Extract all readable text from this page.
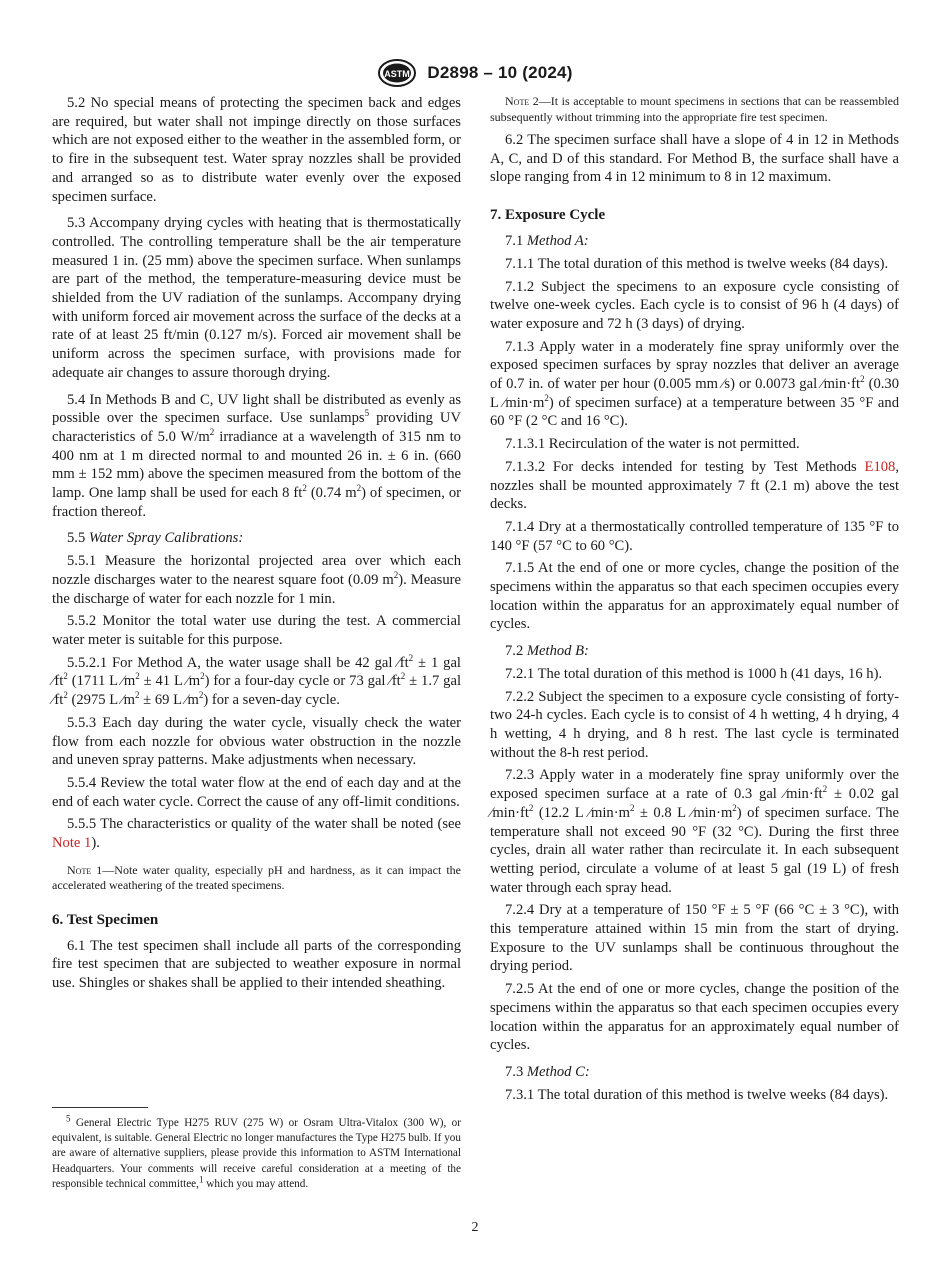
ASTM D2898 – 10 (2024)

5.2 No special means of protecting the specimen back and edges are required, but water shall not impinge directly on those surfaces which are not exposed either to the weather in the assembled form, or to fire in the subsequent test. Water spray nozzles shall be provided and arranged so as to distribute water evenly over the exposed specimen surface.

5.3 Accompany drying cycles with heating that is thermostatically controlled. The controlling temperature shall be the air temperature measured 1 in. (25 mm) above the specimen surface. When sunlamps are part of the method, the temperature-measuring device must be shielded from the UV radiation of the sunlamps. Accompany drying with uniform forced air movement across the surface of the decks at a rate of at least 25 ft/min (0.127 m/s). Forced air movement shall be uniform across the specimen surface, with provisions made for adequate air changes to assure thorough drying.

5.4 In Methods B and C, UV light shall be distributed as evenly as possible over the specimen surface. Use sunlamps$^5$ providing UV characteristics of 5.0 $W/m^2$ irradiance at a wavelength of 315 nm to 400 nm at 1 m directed normal to and mounted 26 in. ± 6 in. (660 mm ± 152 mm) above the specimen measured from the bottom of the lamp. One lamp shall be used for each 8 $ft^2$ (0.74 $m^2$) of specimen, or fraction thereof.

5.5 Water Spray Calibrations:

5.5.1 Measure the horizontal projected area over which each nozzle discharges water to the nearest square foot (0.09 $m^2$). Measure the discharge of water for each nozzle for 1 min.

5.5.2 Monitor the total water use during the test. A commercial water meter is suitable for this purpose.

5.5.2.1 For Method A, the water usage shall be 42 gal $⁄ft^2 \pm 1$ gal $⁄ft^2$ (1711 L $⁄m^2 \pm 41$ L $⁄m^2$) for a four-day cycle or 73 gal $⁄ft^2 \pm 1.7$ gal $⁄ft^2$ (2975 L $⁄m^2 \pm 69$ L $⁄m^2$) for a seven-day cycle.

5.5.3 Each day during the water cycle, visually check the water flow from each nozzle for obvious water obstruction in the nozzle and uneven spray patterns. Make adjustments when necessary.

5.5.4 Review the total water flow at the end of each day and at the end of each water cycle. Correct the cause of any off-limit conditions.

5.5.5 The characteristics or quality of the water shall be noted (see Note 1).

Note 1—Note water quality, especially pH and hardness, as it can impact the accelerated weathering of the treated specimens.

6. Test Specimen

6.1 The test specimen shall include all parts of the corresponding fire test specimen that are subjected to weather exposure in normal use. Shingles or shakes shall be applied to their intended sheathing.

$^5$ General Electric Type H275 RUV (275 W) or Osram Ultra-Vitalox (300 W), or equivalent, is suitable. General Electric no longer manufactures the Type H275 bulb. If you are aware of alternative suppliers, please provide this information to ASTM International Headquarters. Your comments will receive careful consideration at a meeting of the responsible technical committee,$^1$ which you may attend.

Note 2—It is acceptable to mount specimens in sections that can be reassembled subsequently without trimming into the appropriate fire test specimen.

6.2 The specimen surface shall have a slope of 4 in 12 in Methods A, C, and D of this standard. For Method B, the surface shall have a slope ranging from 4 in 12 minimum to 8 in 12 maximum.

7. Exposure Cycle

7.1 Method A:

7.1.1 The total duration of this method is twelve weeks (84 days).

7.1.2 Subject the specimens to an exposure cycle consisting of twelve one-week cycles. Each cycle is to consist of 96 h (4 days) of water exposure and 72 h (3 days) of drying.

7.1.3 Apply water in a moderately fine spray uniformly over the exposed specimen surfaces by spray nozzles that deliver an average of 0.7 in. of water per hour (0.005 mm ⁄s) or 0.0073 gal $⁄\min\cdot ft^2$ (0.30 L $⁄\min\cdot m^2$) of specimen surface) at a temperature between 35 °F and 60 °F (2 °C and 16 °C).

7.1.3.1 Recirculation of the water is not permitted.

7.1.3.2 For decks intended for testing by Test Methods E108, nozzles shall be mounted approximately 7 ft (2.1 m) above the test decks.

7.1.4 Dry at a thermostatically controlled temperature of 135 °F to 140 °F (57 °C to 60 °C).

7.1.5 At the end of one or more cycles, change the position of the specimens within the apparatus so that each specimen occupies every location within the apparatus for an approximately equal number of cycles.

7.2 Method B:

7.2.1 The total duration of this method is 1000 h (41 days, 16 h).

7.2.2 Subject the specimen to a exposure cycle consisting of forty-two 24-h cycles. Each cycle is to consist of 4 h wetting, 4 h drying, 4 h wetting, 4 h drying, and 8 h rest. The last cycle is terminated without the 8-h rest period.

7.2.3 Apply water in a moderately fine spray uniformly over the exposed specimen surface at a rate of 0.3 gal $⁄\min\cdot ft^2 \pm 0.02$ gal $⁄\min\cdot ft^2$ (12.2 L $⁄\min\cdot m^2 \pm 0.8$ L $⁄\min\cdot m^2$) of specimen surface. The temperature shall not exceed 90 °F (32 °C). During the first three cycles, drain all water rather than recirculate it. In each subsequent wetting period, circulate a volume of at least 5 gal (19 L) of fresh water through each spray head.

7.2.4 Dry at a temperature of 150 °F ± 5 °F (66 °C ± 3 °C), with this temperature attained within 15 min from the start of drying. Exposure to the UV sunlamps shall be continuous throughout the drying period.

7.2.5 At the end of one or more cycles, change the position of the specimens within the apparatus so that each specimen occupies every location within the apparatus for an approximately equal number of cycles.

7.3 Method C:

7.3.1 The total duration of this method is twelve weeks (84 days).

2
